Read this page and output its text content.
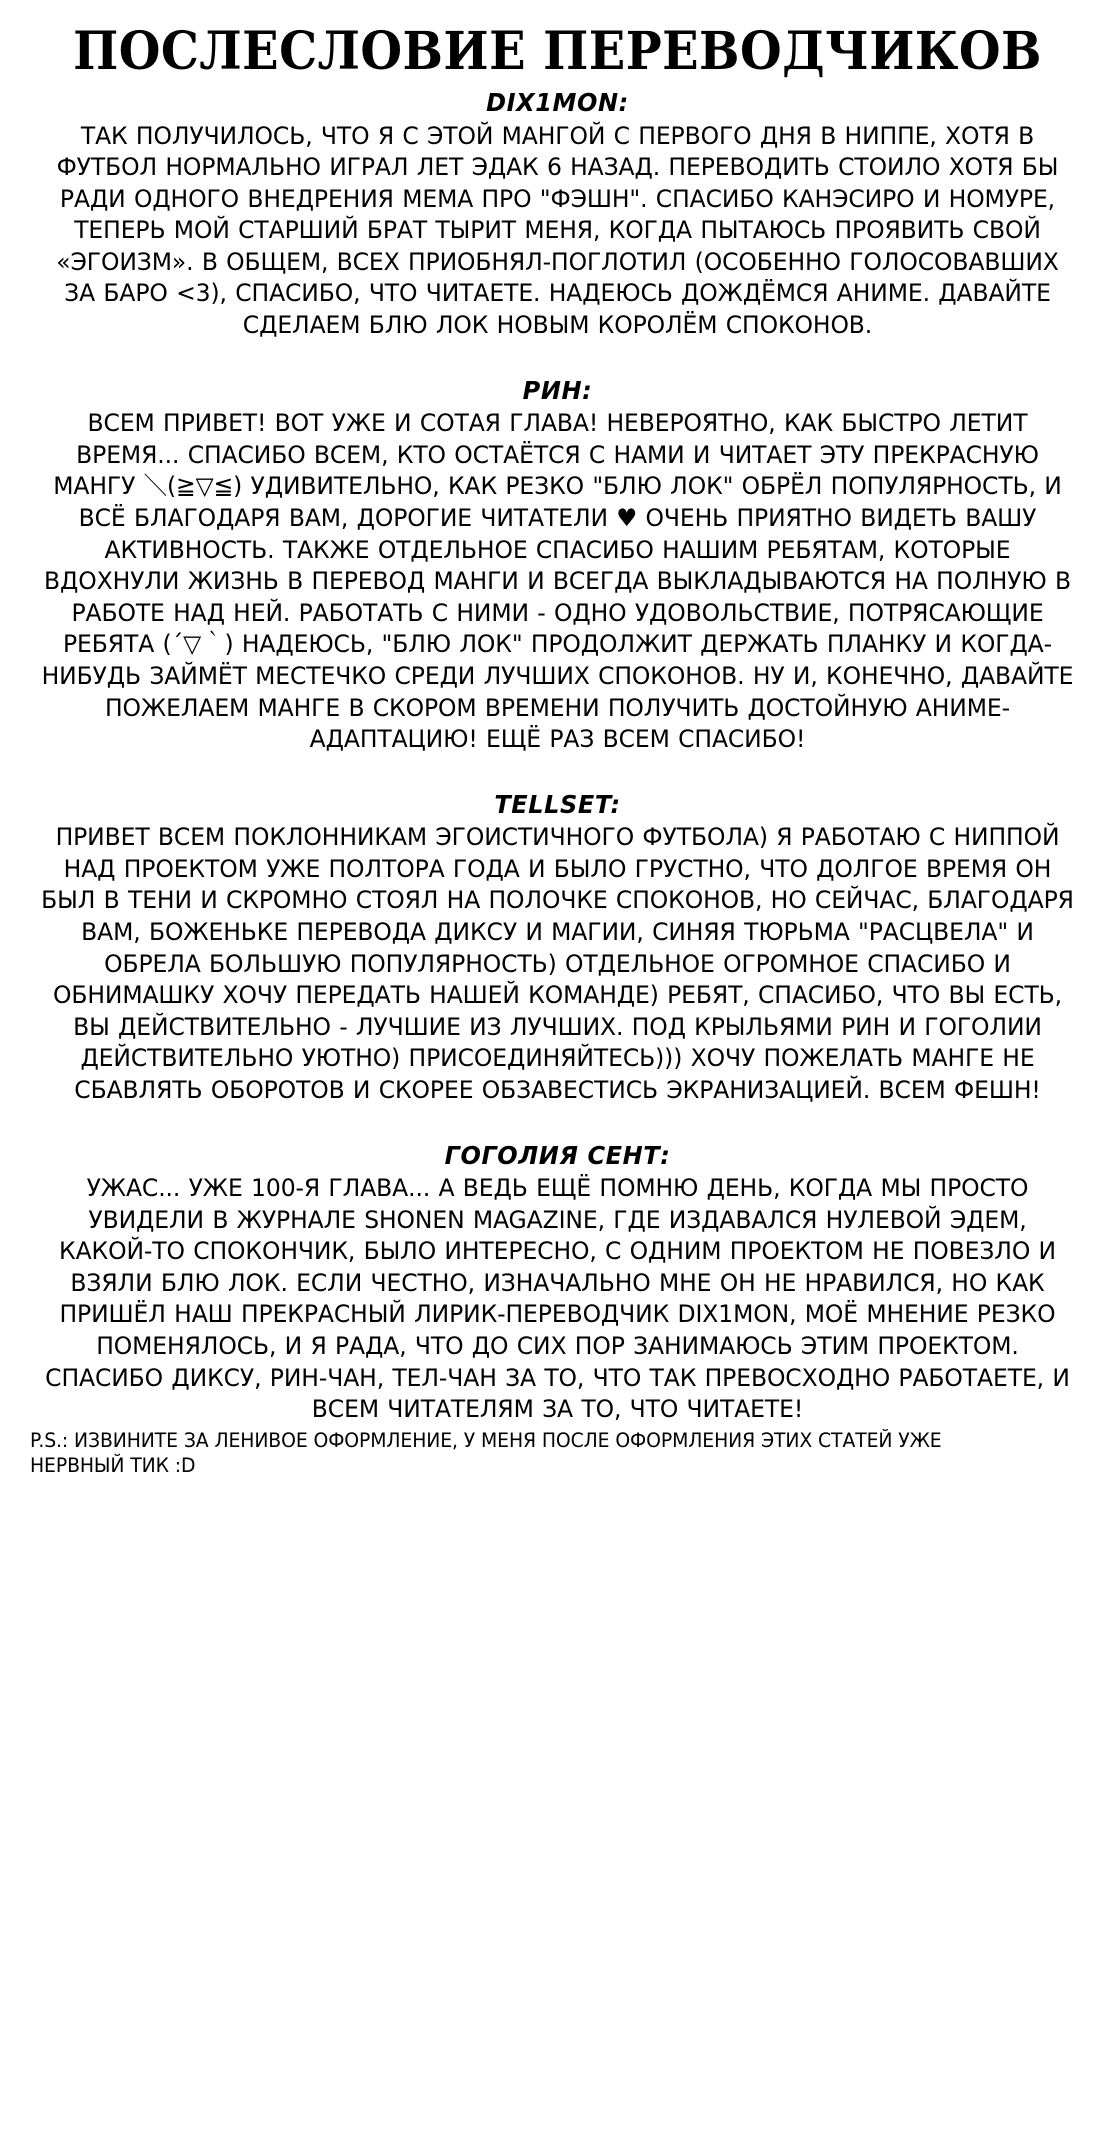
ПОСЛЕСЛОВИЕ ПЕРЕВОДЧИКОВ
DIX1MON:
ТАК ПОЛУЧИЛОСЬ, ЧТО Я С ЭТОЙ МАНГОЙ С ПЕРВОГО ДНЯ В НИППЕ, ХОТЯ В ФУТБОЛ НОРМАЛЬНО ИГРАЛ ЛЕТ ЭДАК 6 НАЗАД. ПЕРЕВОДИТЬ СТОИЛО ХОТЯ БЫ РАДИ ОДНОГО ВНЕДРЕНИЯ МЕМА ПРО "ФЭШН". СПАСИБО КАНЭСИРО И НОМУРЕ, ТЕПЕРЬ МОЙ СТАРШИЙ БРАТ ТЫРИТ МЕНЯ, КОГДА ПЫТАЮСЬ ПРОЯВИТЬ СВОЙ «ЭГОИЗМ». В ОБЩЕМ, ВСЕХ ПРИОБНЯЛ-ПОГЛОТИЛ (ОСОБЕННО ГОЛОСОВАВШИХ ЗА БАРО <3), СПАСИБО, ЧТО ЧИТАЕТЕ. НАДЕЮСЬ ДОЖДЁМСЯ АНИМЕ. ДАВАЙТЕ СДЕЛАЕМ БЛЮ ЛОК НОВЫМ КОРОЛЁМ СПОКОНОВ.
РИН:
ВСЕМ ПРИВЕТ! ВОТ УЖЕ И СОТАЯ ГЛАВА! НЕВЕРОЯТНО, КАК БЫСТРО ЛЕТИТ ВРЕМЯ... СПАСИБО ВСЕМ, КТО ОСТАЁТСЯ С НАМИ И ЧИТАЕТ ЭТУ ПРЕКРАСНУЮ МАНГУ ＼(≧▽≦) УДИВИТЕЛЬНО, КАК РЕЗКО "БЛЮ ЛОК" ОБРЁЛ ПОПУЛЯРНОСТЬ, И ВСЁ БЛАГОДАРЯ ВАМ, ДОРОГИЕ ЧИТАТЕЛИ ♥ ОЧЕНЬ ПРИЯТНО ВИДЕТЬ ВАШУ АКТИВНОСТЬ. ТАКЖЕ ОТДЕЛЬНОЕ СПАСИБО НАШИМ РЕБЯТАМ, КОТОРЫЕ ВДОХНУЛИ ЖИЗНЬ В ПЕРЕВОД МАНГИ И ВСЕГДА ВЫКЛАДЫВАЮТСЯ НА ПОЛНУЮ В РАБОТЕ НАД НЕЙ. РАБОТАТЬ С НИМИ - ОДНО УДОВОЛЬСТВИЕ, ПОТРЯСАЮЩИЕ РЕБЯТА (´▽｀) НАДЕЮСЬ, "БЛЮ ЛОК" ПРОДОЛЖИТ ДЕРЖАТЬ ПЛАНКУ И КОГДА-НИБУДЬ ЗАЙМЁТ МЕСТЕЧКО СРЕДИ ЛУЧШИХ СПОКОНОВ. НУ И, КОНЕЧНО, ДАВАЙТЕ ПОЖЕЛАЕМ МАНГЕ В СКОРОМ ВРЕМЕНИ ПОЛУЧИТЬ ДОСТОЙНУЮ АНИМЕ-АДАПТАЦИЮ! ЕЩЁ РАЗ ВСЕМ СПАСИБО!
TELLSET:
ПРИВЕТ ВСЕМ ПОКЛОННИКАМ ЭГОИСТИЧНОГО ФУТБОЛА) Я РАБОТАЮ С НИППОЙ НАД ПРОЕКТОМ УЖЕ ПОЛТОРА ГОДА И БЫЛО ГРУСТНО, ЧТО ДОЛГОЕ ВРЕМЯ ОН БЫЛ В ТЕНИ И СКРОМНО СТОЯЛ НА ПОЛОЧКЕ СПОКОНОВ, НО СЕЙЧАС, БЛАГОДАРЯ ВАМ, БОЖЕНЬКЕ ПЕРЕВОДА ДИКСУ И МАГИИ, СИНЯЯ ТЮРЬМА "РАСЦВЕЛА" И ОБРЕЛА БОЛЬШУЮ ПОПУЛЯРНОСТЬ) ОТДЕЛЬНОЕ ОГРОМНОЕ СПАСИБО И ОБНИМАШКУ ХОЧУ ПЕРЕДАТЬ НАШЕЙ КОМАНДЕ) РЕБЯТ, СПАСИБО, ЧТО ВЫ ЕСТЬ, ВЫ ДЕЙСТВИТЕЛЬНО - ЛУЧШИЕ ИЗ ЛУЧШИХ. ПОД КРЫЛЬЯМИ РИН И ГОГОЛИИ ДЕЙСТВИТЕЛЬНО УЮТНО) ПРИСОЕДИНЯЙТЕСЬ))) ХОЧУ ПОЖЕЛАТЬ МАНГЕ НЕ СБАВЛЯТЬ ОБОРОТОВ И СКОРЕЕ ОБЗАВЕСТИСЬ ЭКРАНИЗАЦИЕЙ. ВСЕМ ФЕШН!
ГОГОЛИЯ СЕНТ:
УЖАС... УЖЕ 100-Я ГЛАВА... А ВЕДЬ ЕЩЁ ПОМНЮ ДЕНЬ, КОГДА МЫ ПРОСТО УВИДЕЛИ В ЖУРНАЛЕ SHONEN MAGAZINE, ГДЕ ИЗДАВАЛСЯ НУЛЕВОЙ ЭДЕМ, КАКОЙ-ТО СПОКОНЧИК, БЫЛО ИНТЕРЕСНО, С ОДНИМ ПРОЕКТОМ НЕ ПОВЕЗЛО И ВЗЯЛИ БЛЮ ЛОК. ЕСЛИ ЧЕСТНО, ИЗНАЧАЛЬНО МНЕ ОН НЕ НРАВИЛСЯ, НО КАК ПРИШЁЛ НАШ ПРЕКРАСНЫЙ ЛИРИК-ПЕРЕВОДЧИК DIX1MON, МОЁ МНЕНИЕ РЕЗКО ПОМЕНЯЛОСЬ, И Я РАДА, ЧТО ДО СИХ ПОР ЗАНИМАЮСЬ ЭТИМ ПРОЕКТОМ. СПАСИБО ДИКСУ, РИН-ЧАН, ТЕЛ-ЧАН ЗА ТО, ЧТО ТАК ПРЕВОСХОДНО РАБОТАЕТЕ, И ВСЕМ ЧИТАТЕЛЯМ ЗА ТО, ЧТО ЧИТАЕТЕ!
P.S.: ИЗВИНИТЕ ЗА ЛЕНИВОЕ ОФОРМЛЕНИЕ, У МЕНЯ ПОСЛЕ ОФОРМЛЕНИЯ ЭТИХ СТАТЕЙ УЖЕ НЕРВНЫЙ ТИК :D
